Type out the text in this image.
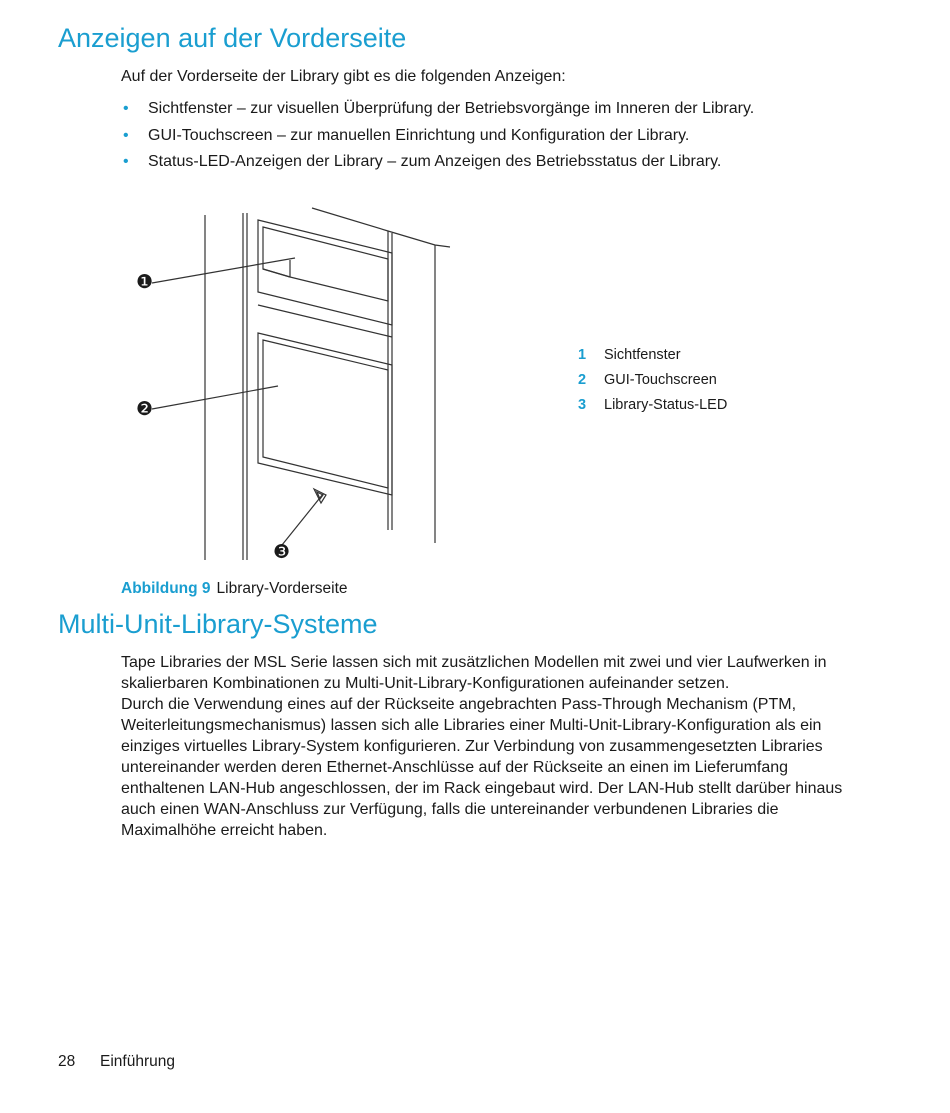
Anzeigen auf der Vorderseite

Auf der Vorderseite der Library gibt es die folgenden Anzeigen:

• Sichtfenster – zur visuellen Überprüfung der Betriebsvorgänge im Inneren der Library.
• GUI-Touchscreen – zur manuellen Einrichtung und Konfiguration der Library.
• Status-LED-Anzeigen der Library – zum Anzeigen des Betriebsstatus der Library.
❶
❷
❸
1 Sichtfenster
2 GUI-Touchscreen
3 Library-Status-LED

Abbildung 9 Library-Vorderseite

Multi-Unit-Library-Systeme

Tape Libraries der MSL Serie lassen sich mit zusätzlichen Modellen mit zwei und vier Laufwerken in skalierbaren Kombinationen zu Multi-Unit-Library-Konfigurationen aufeinander setzen.

Durch die Verwendung eines auf der Rückseite angebrachten Pass-Through Mechanism (PTM, Weiterleitungsmechanismus) lassen sich alle Libraries einer Multi-Unit-Library-Konfiguration als ein einziges virtuelles Library-System konfigurieren. Zur Verbindung von zusammengesetzten Libraries untereinander werden deren Ethernet-Anschlüsse auf der Rückseite an einen im Lieferumfang enthaltenen LAN-Hub angeschlossen, der im Rack eingebaut wird. Der LAN-Hub stellt darüber hinaus auch einen WAN-Anschluss zur Verfügung, falls die untereinander verbundenen Libraries die Maximalhöhe erreicht haben.

28 Einführung
